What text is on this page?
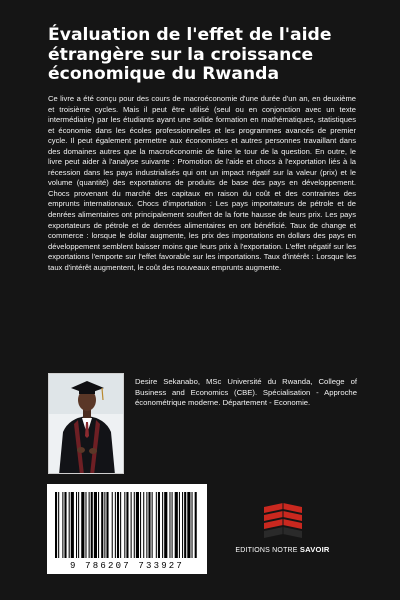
Évaluation de l'effet de l'aide étrangère sur la croissance économique du Rwanda
Ce livre a été conçu pour des cours de macroéconomie d'une durée d'un an, en deuxième et troisième cycles. Mais il peut être utilisé (seul ou en conjonction avec un texte intermédiaire) par les étudiants ayant une solide formation en mathématiques, statistiques et économie dans les écoles professionnelles et les programmes avancés de premier cycle. Il peut également permettre aux économistes et autres personnes travaillant dans des domaines autres que la macroéconomie de faire le tour de la question. En outre, le livre peut aider à l'analyse suivante : Promotion de l'aide et chocs à l'exportation liés à la récession dans les pays industrialisés qui ont un impact négatif sur la valeur (prix) et le volume (quantité) des exportations de produits de base des pays en développement. Chocs provenant du marché des capitaux en raison du coût et des contraintes des emprunts internationaux. Chocs d'importation : Les pays importateurs de pétrole et de denrées alimentaires ont principalement souffert de la forte hausse de leurs prix. Les pays exportateurs de pétrole et de denrées alimentaires en ont bénéficié. Taux de change et commerce : lorsque le dollar augmente, les prix des importations en dollars des pays en développement semblent baisser moins que leurs prix à l'exportation. L'effet négatif sur les exportations l'emporte sur l'effet favorable sur les importations. Taux d'intérêt : Lorsque les taux d'intérêt augmentent, le coût des nouveaux emprunts augmente.
Desire Sekanabo, MSc Université du Rwanda, College of Business and Economics (CBE). Spécialisation - Approche économétrique moderne. Département - Economie.
9 786207 733927
EDITIONS NOTRE SAVOIR
